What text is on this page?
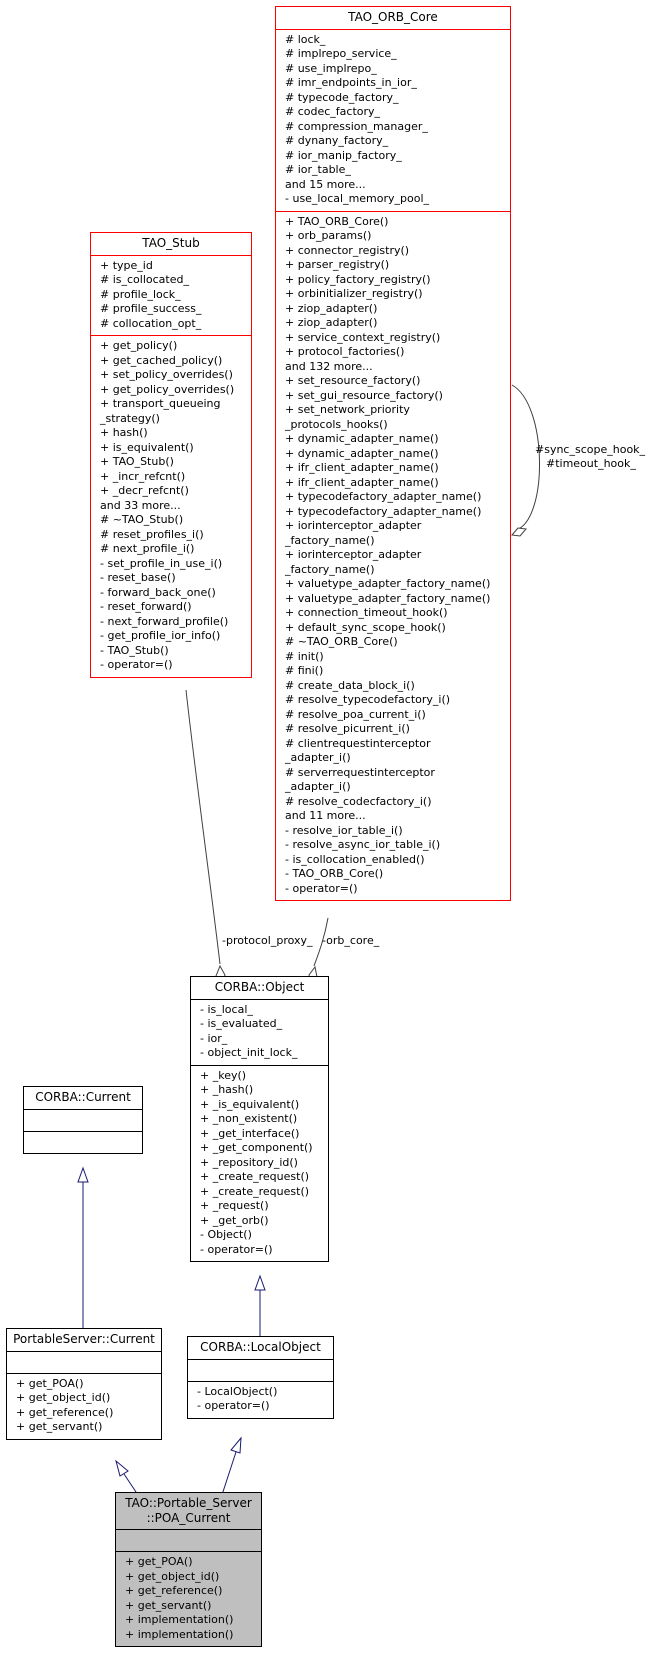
TAO_ORB_Core
# lock_
# implrepo_service_
# use_implrepo_
# imr_endpoints_in_ior_
# typecode_factory_
# codec_factory_
# compression_manager_
# dynany_factory_
# ior_manip_factory_
# ior_table_
and 15 more...
- use_local_memory_pool_
+ TAO_ORB_Core()
+ orb_params()
+ connector_registry()
+ parser_registry()
+ policy_factory_registry()
+ orbinitializer_registry()
+ ziop_adapter()
+ ziop_adapter()
+ service_context_registry()
+ protocol_factories()
and 132 more...
+ set_resource_factory()
+ set_gui_resource_factory()
+ set_network_priority
_protocols_hooks()
+ dynamic_adapter_name()
+ dynamic_adapter_name()
+ ifr_client_adapter_name()
+ ifr_client_adapter_name()
+ typecodefactory_adapter_name()
+ typecodefactory_adapter_name()
+ iorinterceptor_adapter
_factory_name()
+ iorinterceptor_adapter
_factory_name()
+ valuetype_adapter_factory_name()
+ valuetype_adapter_factory_name()
+ connection_timeout_hook()
+ default_sync_scope_hook()
# ~TAO_ORB_Core()
# init()
# fini()
# create_data_block_i()
# resolve_typecodefactory_i()
# resolve_poa_current_i()
# resolve_picurrent_i()
# clientrequestinterceptor
_adapter_i()
# serverrequestinterceptor
_adapter_i()
# resolve_codecfactory_i()
and 11 more...
- resolve_ior_table_i()
- resolve_async_ior_table_i()
- is_collocation_enabled()
- TAO_ORB_Core()
- operator=()
TAO_Stub
+ type_id
# is_collocated_
# profile_lock_
# profile_success_
# collocation_opt_
+ get_policy()
+ get_cached_policy()
+ set_policy_overrides()
+ get_policy_overrides()
+ transport_queueing
_strategy()
+ hash()
+ is_equivalent()
+ TAO_Stub()
+ _incr_refcnt()
+ _decr_refcnt()
and 33 more...
# ~TAO_Stub()
# reset_profiles_i()
# next_profile_i()
- set_profile_in_use_i()
- reset_base()
- forward_back_one()
- reset_forward()
- next_forward_profile()
- get_profile_ior_info()
- TAO_Stub()
- operator=()
CORBA::Object
- is_local_
- is_evaluated_
- ior_
- object_init_lock_
+ _key()
+ _hash()
+ _is_equivalent()
+ _non_existent()
+ _get_interface()
+ _get_component()
+ _repository_id()
+ _create_request()
+ _create_request()
+ _request()
+ _get_orb()
- Object()
- operator=()
CORBA::Current
PortableServer::Current
+ get_POA()
+ get_object_id()
+ get_reference()
+ get_servant()
CORBA::LocalObject
- LocalObject()
- operator=()
TAO::Portable_Server
::POA_Current
+ get_POA()
+ get_object_id()
+ get_reference()
+ get_servant()
+ implementation()
+ implementation()
-protocol_proxy_ -orb_core_
#sync_scope_hook_
#timeout_hook_
